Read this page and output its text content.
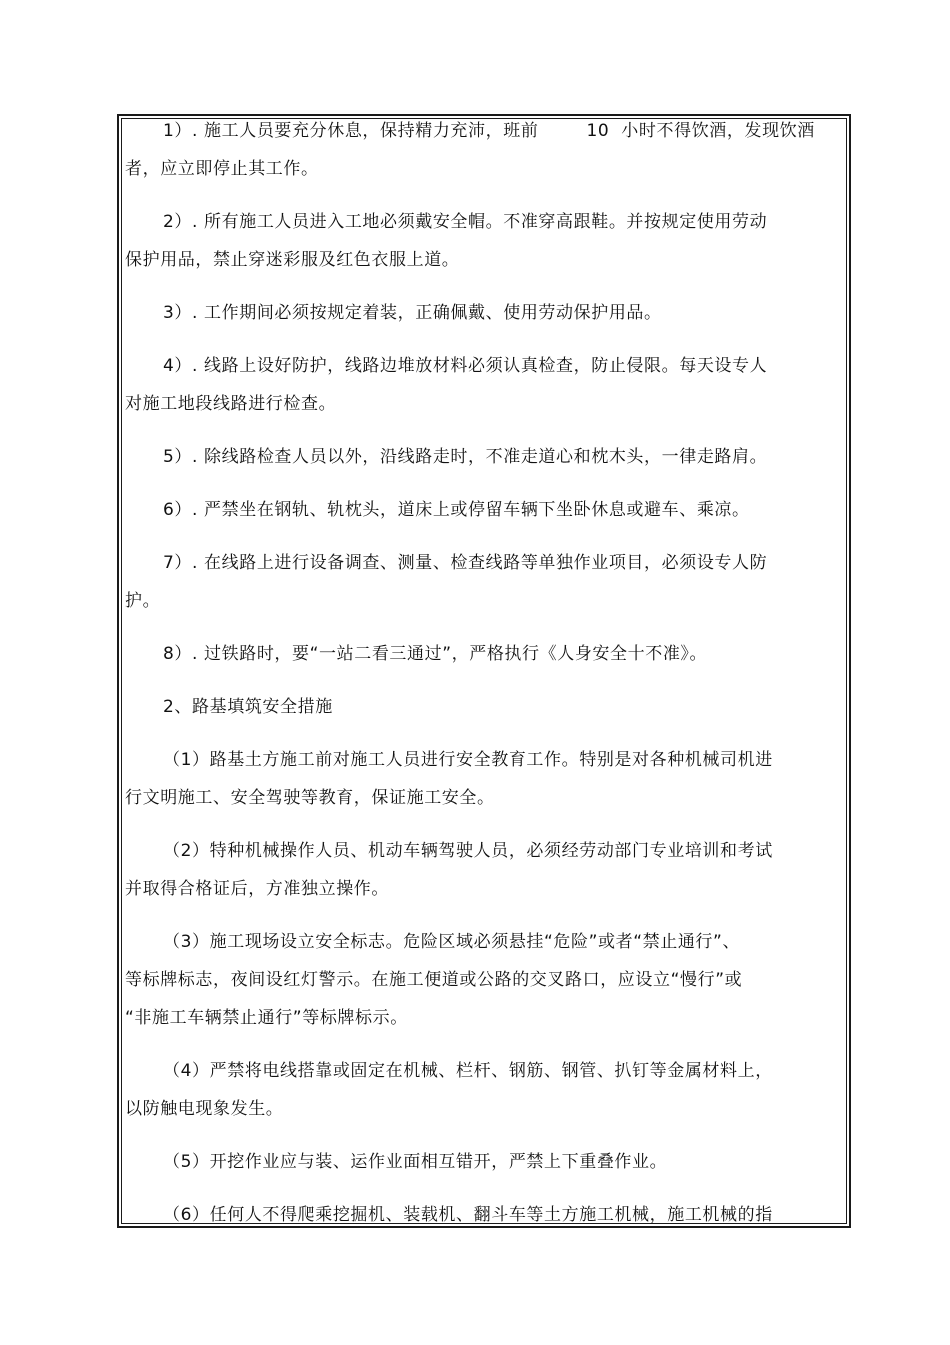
1）. 施工人员要充分休息，保持精力充沛，班前        10  小时不得饮酒，发现饮酒
者，应立即停止其工作。
2）. 所有施工人员进入工地必须戴安全帽。不准穿高跟鞋。并按规定使用劳动
保护用品，禁止穿迷彩服及红色衣服上道。
3）. 工作期间必须按规定着装，正确佩戴、使用劳动保护用品。
4）. 线路上设好防护，线路边堆放材料必须认真检查，防止侵限。每天设专人
对施工地段线路进行检查。
5）. 除线路检查人员以外，沿线路走时，不准走道心和枕木头，一律走路肩。
6）. 严禁坐在钢轨、轨枕头，道床上或停留车辆下坐卧休息或避车、乘凉。
7）. 在线路上进行设备调查、测量、检查线路等单独作业项目，必须设专人防
护。
8）. 过铁路时，要“一站二看三通过”，严格执行《人身安全十不准》。
2、路基填筑安全措施
（1）路基土方施工前对施工人员进行安全教育工作。特别是对各种机械司机进
行文明施工、安全驾驶等教育，保证施工安全。
（2）特种机械操作人员、机动车辆驾驶人员，必须经劳动部门专业培训和考试
并取得合格证后，方准独立操作。
（3）施工现场设立安全标志。危险区域必须悬挂“危险”或者“禁止通行”、
等标牌标志，夜间设红灯警示。在施工便道或公路的交叉路口，应设立“慢行”或
“非施工车辆禁止通行”等标牌标示。
（4）严禁将电线搭靠或固定在机械、栏杆、钢筋、钢管、扒钉等金属材料上，
以防触电现象发生。
（5）开挖作业应与装、运作业面相互错开，严禁上下重叠作业。
（6）任何人不得爬乘挖掘机、装载机、翻斗车等土方施工机械，施工机械的指
